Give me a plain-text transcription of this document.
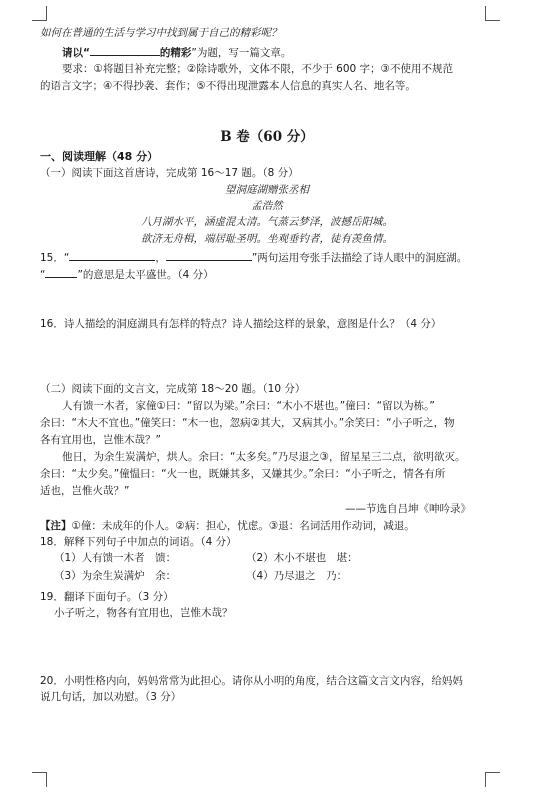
如何在普通的生活与学习中找到属于自己的精彩呢？
请以“	的精彩”为题，写一篇文章。
要求：①将题目补充完整；②除诗歌外，文体不限，不少于 600 字；③不使用不规范
的语言文字；④不得抄袭、套作；⑤不得出现泄露本人信息的真实人名、地名等。
B 卷（60 分）
一、阅读理解（48 分）
（一）阅读下面这首唐诗，完成第 16～17 题。（8 分）
望洞庭湖赠张丞相
孟浩然
八月湖水平，涵虚混太清。气蒸云梦泽，波撼岳阳城。
欲济无舟楫，端居耻圣明。坐观垂钓者，徒有羡鱼情。
15．“	，	”两句运用夸张手法描绘了诗人眼中的洞庭湖。
“	”的意思是太平盛世。（4 分）
16．诗人描绘的洞庭湖具有怎样的特点？诗人描绘这样的景象，意图是什么？（4 分）
（二）阅读下面的文言文，完成第 18～20 题。（10 分）
人有馈一木者，家僮①曰：“留以为梁。”余曰：“木小不堪也。”僮曰：“留以为栋。”
余曰：“木大不宜也。”僮笑曰：“木一也，忽病②其大，又病其小。”余笑曰：“小子听之，物
各有宜用也，岂惟木哉？”
他日，为余生炭满炉，烘人。余曰：“太多矣。”乃尽退之③，留星星三二点，欲明欲灭。
余曰：“太少矣。”僮愠曰：“火一也，既嫌其多，又嫌其少。”余曰：“小子听之，情各有所
适也，岂惟火哉？”
——节选自吕坤《呻吟录》
【注】①僮：未成年的仆人。②病：担心，忧虑。③退：名词活用作动词，减退。
18．解释下列句子中加点的词语。（4 分）
（1）人有馈一木者　馈：	（2）木小不堪也　堪：
（3）为余生炭满炉　余：	（4）乃尽退之　乃：
19．翻译下面句子。（3 分）
小子听之，物各有宜用也，岂惟木哉？
20．小明性格内向，妈妈常常为此担心。请你从小明的角度，结合这篇文言文内容，给妈妈
说几句话，加以劝慰。（3 分）
